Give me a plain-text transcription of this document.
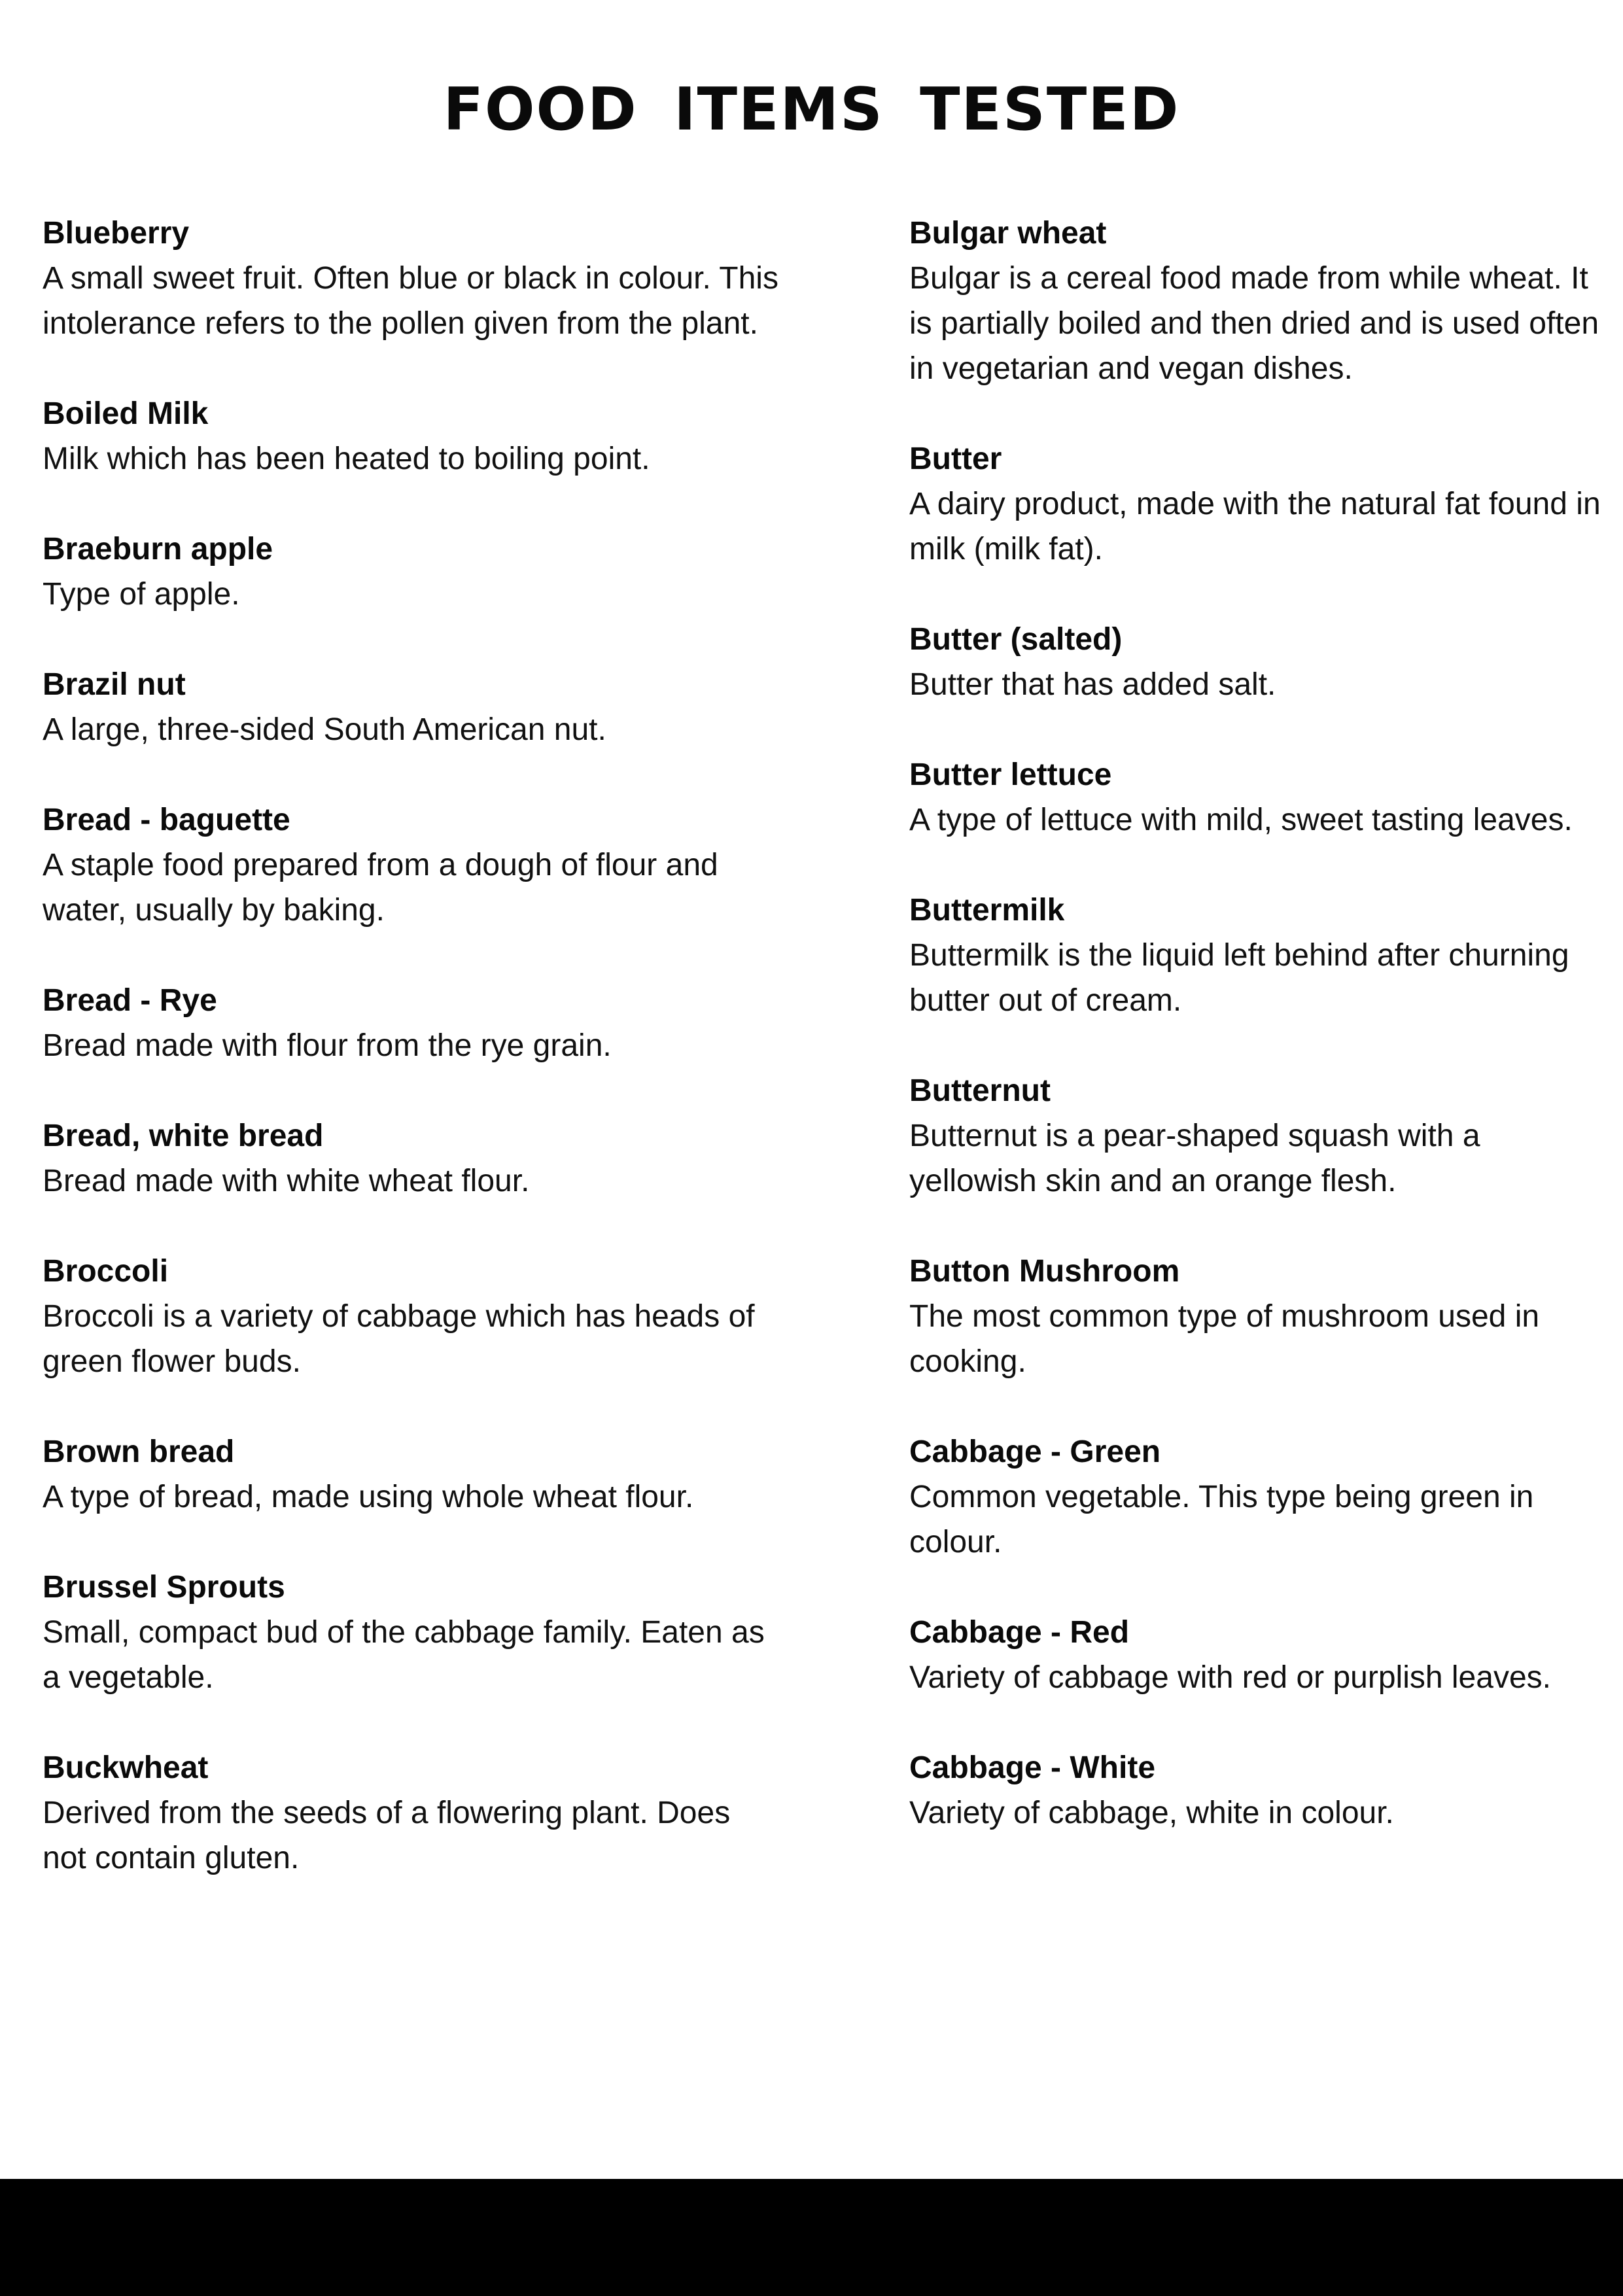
FOOD ITEMS TESTED
Blueberry
A small sweet fruit. Often blue or black in colour. This intolerance refers to the pollen given from the plant.
Boiled Milk
Milk which has been heated to boiling point.
Braeburn apple
Type of apple.
Brazil nut
A large, three-sided South American nut.
Bread - baguette
A staple food prepared from a dough of flour and water, usually by baking.
Bread - Rye
Bread made with flour from the rye grain.
Bread, white bread
Bread made with white wheat flour.
Broccoli
Broccoli is a variety of cabbage which has heads of green flower buds.
Brown bread
A type of bread, made using whole wheat flour.
Brussel Sprouts
Small, compact bud of the cabbage family. Eaten as a vegetable.
Buckwheat
Derived from the seeds of a flowering plant. Does not contain gluten.
Bulgar wheat
Bulgar is a cereal food made from while wheat. It is partially boiled and then dried and is used often in vegetarian and vegan dishes.
Butter
A dairy product, made with the natural fat found in milk (milk fat).
Butter (salted)
Butter that has added salt.
Butter lettuce
A type of lettuce with mild, sweet tasting leaves.
Buttermilk
Buttermilk is the liquid left behind after churning butter out of cream.
Butternut
Butternut is a pear-shaped squash with a yellowish skin and an orange flesh.
Button Mushroom
The most common type of mushroom used in cooking.
Cabbage - Green
Common vegetable. This type being green in colour.
Cabbage - Red
Variety of cabbage with red or purplish leaves.
Cabbage - White
Variety of cabbage, white in colour.
